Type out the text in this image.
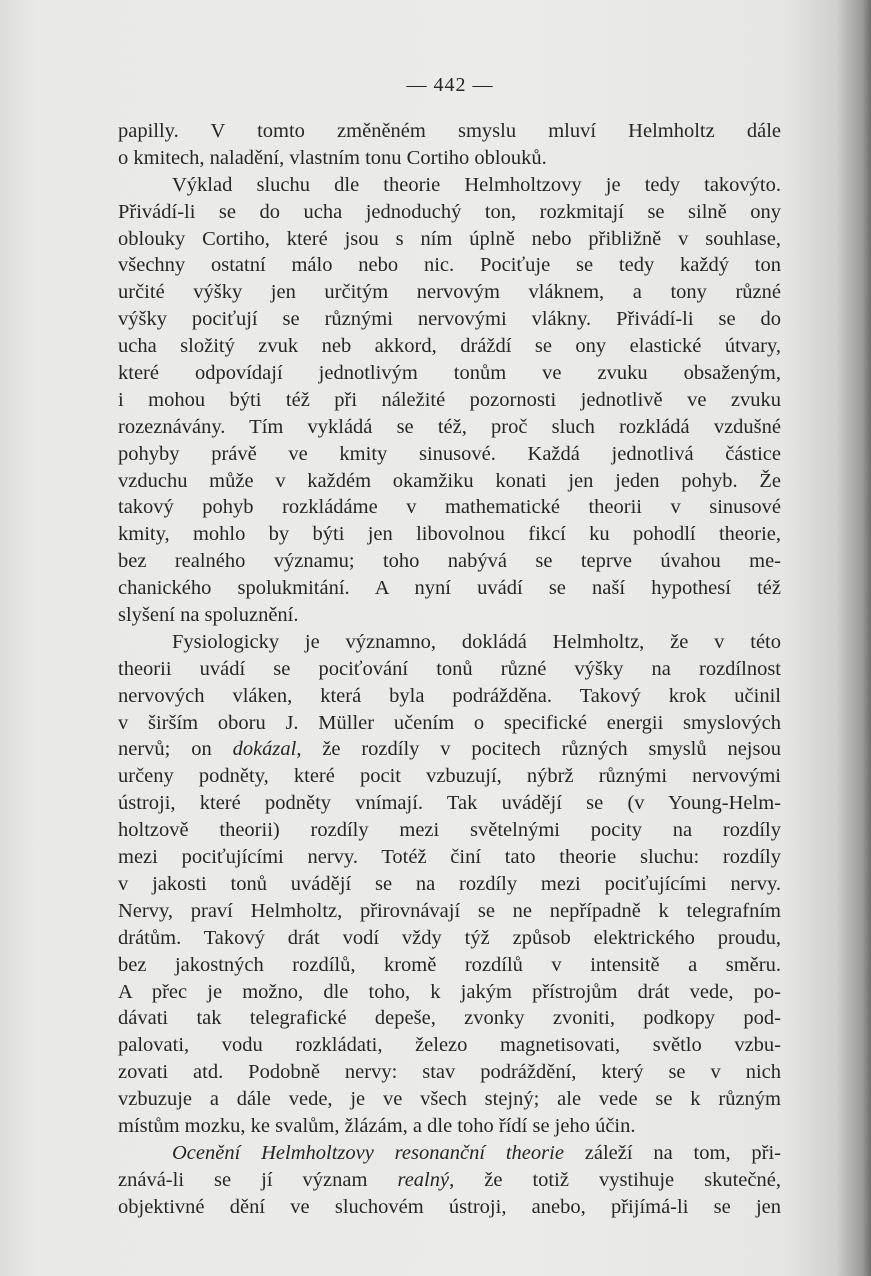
— 442 —
papilly. V tomto změněném smyslu mluví Helmholtz dále
o kmitech, naladění, vlastním tonu Cortiho oblouků.
Výklad sluchu dle theorie Helmholtzovy je tedy takovýto.
Přivádí-li se do ucha jednoduchý ton, rozkmitají se silně ony
oblouky Cortiho, které jsou s ním úplně nebo přibližně v souhlase,
všechny ostatní málo nebo nic. Pociťuje se tedy každý ton
určité výšky jen určitým nervovým vláknem, a tony různé
výšky pociťují se různými nervovými vlákny. Přivádí-li se do
ucha složitý zvuk neb akkord, dráždí se ony elastické útvary,
které odpovídají jednotlivým tonům ve zvuku obsaženým,
i mohou býti též při náležité pozornosti jednotlivě ve zvuku
rozeznávány. Tím vykládá se též, proč sluch rozkládá vzdušné
pohyby právě ve kmity sinusové. Každá jednotlivá částice
vzduchu může v každém okamžiku konati jen jeden pohyb. Že
takový pohyb rozkládáme v mathematické theorii v sinusové
kmity, mohlo by býti jen libovolnou fikcí ku pohodlí theorie,
bez realného významu; toho nabývá se teprve úvahou me-
chanického spolukmitání. A nyní uvádí se naší hypothesí též
slyšení na spoluznění.
Fysiologicky je významno, dokládá Helmholtz, že v této
theorii uvádí se pociťování tonů různé výšky na rozdílnost
nervových vláken, která byla podrážděna. Takový krok učinil
v širším oboru J. Müller učením o specifické energii smyslových
nervů; on dokázal, že rozdíly v pocitech různých smyslů nejsou
určeny podněty, které pocit vzbuzují, nýbrž různými nervovými
ústroji, které podněty vnímají. Tak uvádějí se (v Young-Helm-
holtzově theorii) rozdíly mezi světelnými pocity na rozdíly
mezi pociťujícími nervy. Totéž činí tato theorie sluchu: rozdíly
v jakosti tonů uvádějí se na rozdíly mezi pociťujícími nervy.
Nervy, praví Helmholtz, přirovnávají se ne nepřípadně k telegrafním
drátům. Takový drát vodí vždy týž způsob elektrického proudu,
bez jakostných rozdílů, kromě rozdílů v intensitě a směru.
A přec je možno, dle toho, k jakým přístrojům drát vede, po-
dávati tak telegrafické depeše, zvonky zvoniti, podkopy pod-
palovati, vodu rozkládati, železo magnetisovati, světlo vzbu-
zovati atd. Podobně nervy: stav podráždění, který se v nich
vzbuzuje a dále vede, je ve všech stejný; ale vede se k různým
místům mozku, ke svalům, žlázám, a dle toho řídí se jeho účin.
Ocenění Helmholtzovy resonanční theorie záleží na tom, při-
znává-li se jí význam realný, že totiž vystihuje skutečné,
objektivné dění ve sluchovém ústroji, anebo, přijímá-li se jen
